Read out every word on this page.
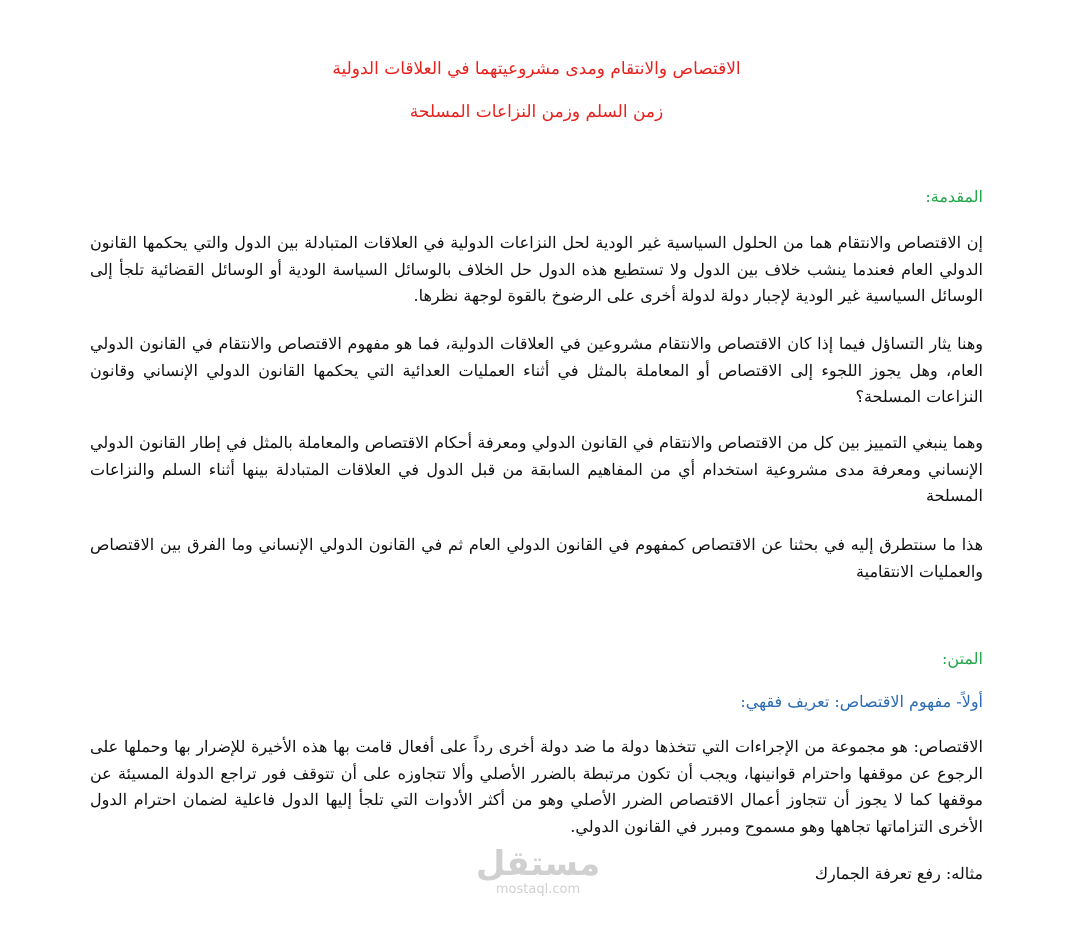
الاقتصاص والانتقام ومدى مشروعيتهما في العلاقات الدولية
زمن السلم وزمن النزاعات المسلحة
المقدمة:

إن الاقتصاص والانتقام هما من الحلول السياسية غير الودية لحل النزاعات الدولية في العلاقات المتبادلة بين الدول والتي يحكمها القانون الدولي العام فعندما ينشب خلاف بين الدول ولا تستطيع هذه الدول حل الخلاف بالوسائل السياسة الودية أو الوسائل القضائية تلجأ إلى الوسائل السياسية غير الودية لإجبار دولة لدولة أخرى على الرضوخ بالقوة لوجهة نظرها.

وهنا يثار التساؤل فيما إذا كان الاقتصاص والانتقام مشروعين في العلاقات الدولية، فما هو مفهوم الاقتصاص والانتقام في القانون الدولي العام، وهل يجوز اللجوء إلى الاقتصاص أو المعاملة بالمثل في أثناء العمليات العدائية التي يحكمها القانون الدولي الإنساني وقانون النزاعات المسلحة؟

وهما ينبغي التمييز بين كل من الاقتصاص والانتقام في القانون الدولي ومعرفة أحكام الاقتصاص والمعاملة بالمثل في إطار القانون الدولي الإنساني ومعرفة مدى مشروعية استخدام أي من المفاهيم السابقة من قبل الدول في العلاقات المتبادلة بينها أثناء السلم والنزاعات المسلحة

هذا ما سنتطرق إليه في بحثنا عن الاقتصاص كمفهوم في القانون الدولي العام ثم في القانون الدولي الإنساني وما الفرق بين الاقتصاص والعمليات الانتقامية

المتن:
أولاً- مفهوم الاقتصاص: تعريف فقهي:

الاقتصاص: هو مجموعة من الإجراءات التي تتخذها دولة ما ضد دولة أخرى رداً على أفعال قامت بها هذه الأخيرة للإضرار بها وحملها على الرجوع عن موقفها واحترام قوانينها، ويجب أن تكون مرتبطة بالضرر الأصلي وألا تتجاوزه على أن تتوقف فور تراجع الدولة المسيئة عن موقفها كما لا يجوز أن تتجاوز أعمال الاقتصاص الضرر الأصلي وهو من أكثر الأدوات التي تلجأ إليها الدول فاعلية لضمان احترام الدول الأخرى التزاماتها تجاهها وهو مسموح ومبرر في القانون الدولي.

مثاله: رفع تعرفة الجمارك
مستقل
mostaql.com
